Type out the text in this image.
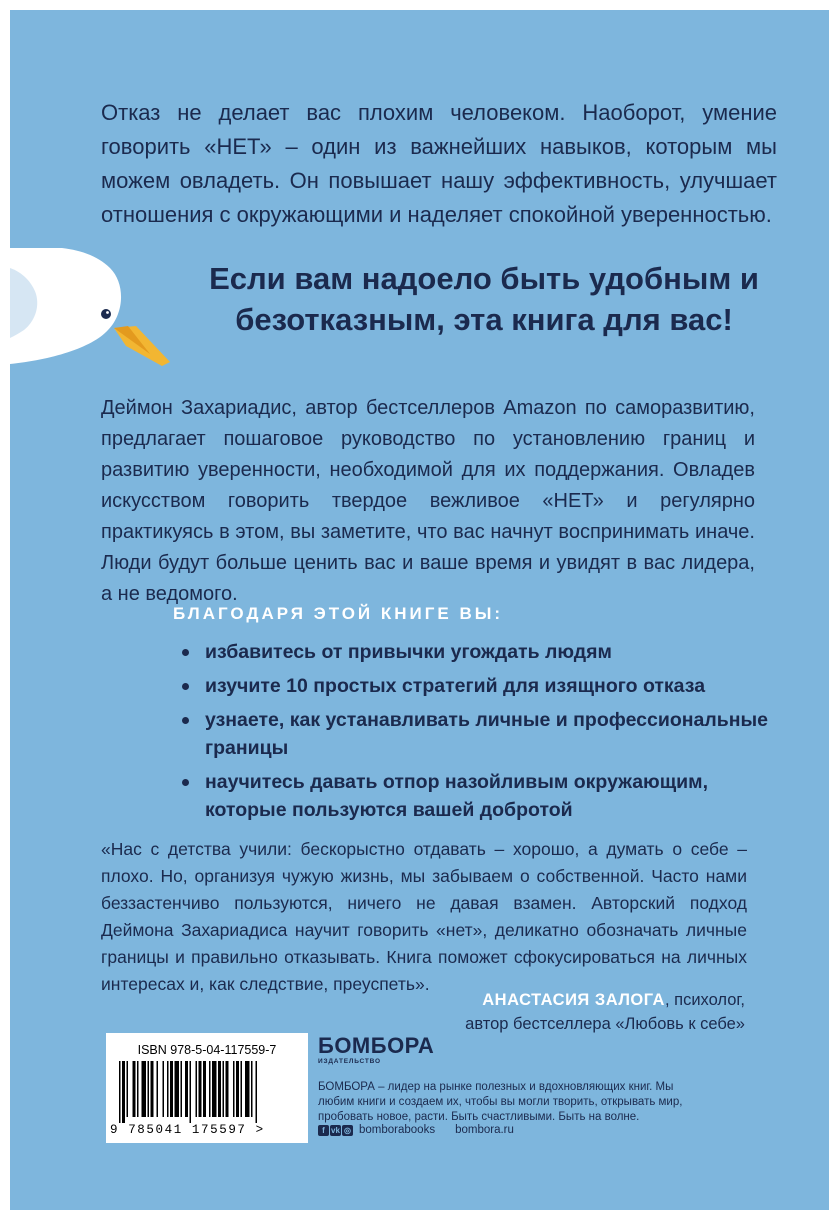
Отказ не делает вас плохим человеком. Наоборот, умение говорить «НЕТ» – один из важнейших навыков, которым мы можем овладеть. Он повышает нашу эффективность, улучшает отношения с окружающими и наделяет спокойной уверенностью.

Если вам надоело быть удобным и безотказным, эта книга для вас!

Деймон Захариадис, автор бестселлеров Amazon по саморазвитию, предлагает пошаговое руководство по установлению границ и развитию уверенности, необходимой для их поддержания. Овладев искусством говорить твердое вежливое «НЕТ» и регулярно практикуясь в этом, вы заметите, что вас начнут воспринимать иначе. Люди будут больше ценить вас и ваше время и увидят в вас лидера, а не ведомого.

БЛАГОДАРЯ ЭТОЙ КНИГЕ ВЫ:

избавитесь от привычки угождать людям
изучите 10 простых стратегий для изящного отказа
узнаете, как устанавливать личные и профессиональные границы
научитесь давать отпор назойливым окружающим, которые пользуются вашей добротой

«Нас с детства учили: бескорыстно отдавать – хорошо, а думать о себе – плохо. Но, организуя чужую жизнь, мы забываем о собственной. Часто нами беззастенчиво пользуются, ничего не давая взамен. Авторский подход Деймона Захариадиса научит говорить «нет», деликатно обозначать личные границы и правильно отказывать. Книга поможет сфокусироваться на личных интересах и, как следствие, преуспеть».

АНАСТАСИЯ ЗАЛОГА, психолог,
автор бестселлера «Любовь к себе»
ISBN 978-5-04-117559-7
9 785041 175597 >
БОМБОРА
ИЗДАТЕЛЬСТВО
БОМБОРА – лидер на рынке полезных и вдохновляющих книг. Мы любим книги и создаем их, чтобы вы могли творить, открывать мир, пробовать новое, расти. Быть счастливыми. Быть на волне.
f vk ◎ bomborabooks bombora.ru
